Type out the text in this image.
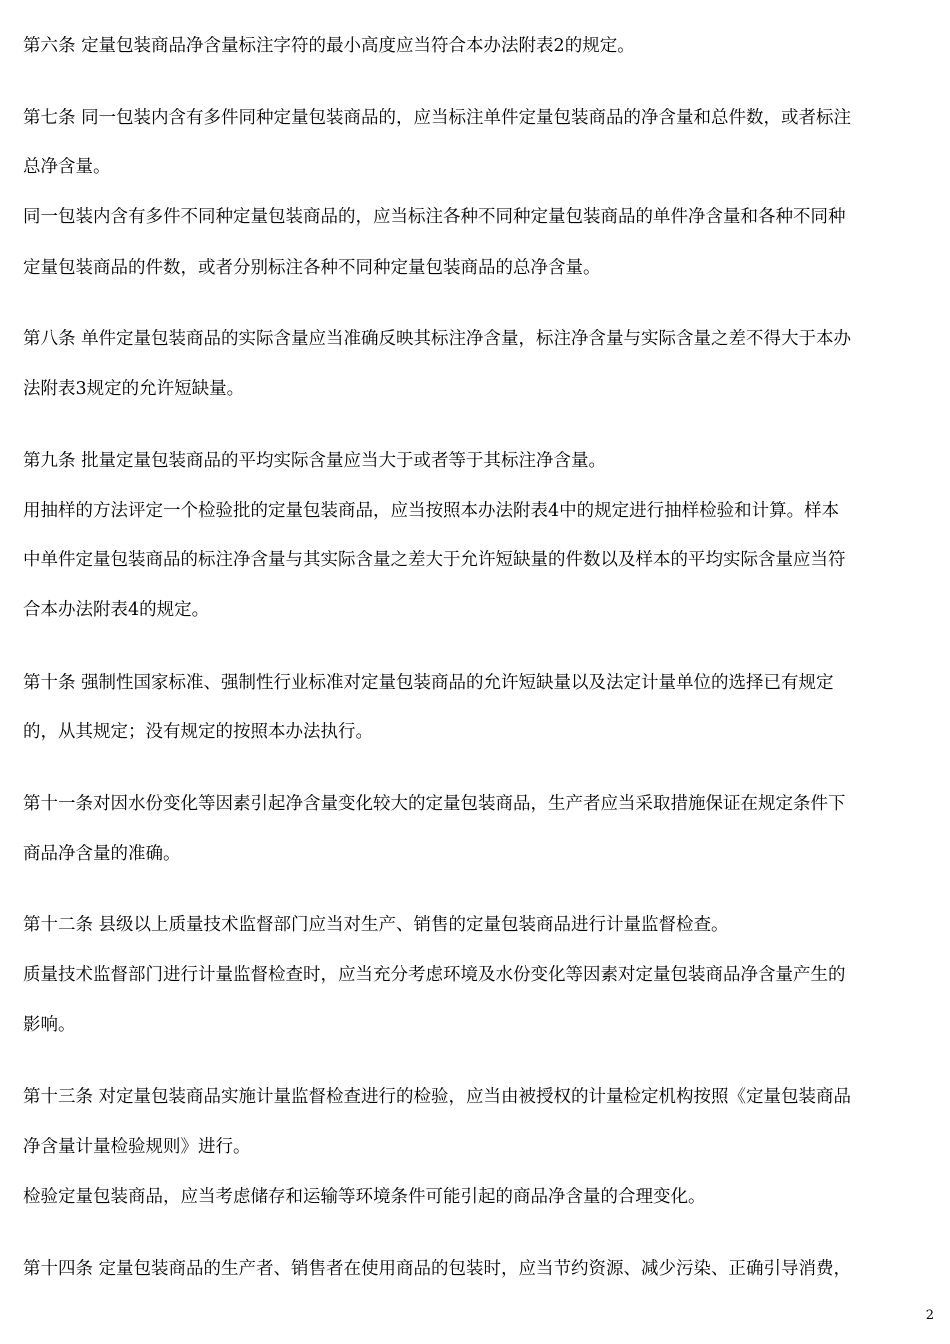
第六条 定量包装商品净含量标注字符的最小高度应当符合本办法附表2的规定。

第七条 同一包装内含有多件同种定量包装商品的，应当标注单件定量包装商品的净含量和总件数，或者标注

总净含量。

同一包装内含有多件不同种定量包装商品的，应当标注各种不同种定量包装商品的单件净含量和各种不同种

定量包装商品的件数，或者分别标注各种不同种定量包装商品的总净含量。

第八条 单件定量包装商品的实际含量应当准确反映其标注净含量，标注净含量与实际含量之差不得大于本办

法附表3规定的允许短缺量。

第九条 批量定量包装商品的平均实际含量应当大于或者等于其标注净含量。

用抽样的方法评定一个检验批的定量包装商品，应当按照本办法附表4中的规定进行抽样检验和计算。样本

中单件定量包装商品的标注净含量与其实际含量之差大于允许短缺量的件数以及样本的平均实际含量应当符

合本办法附表4的规定。

第十条 强制性国家标准、强制性行业标准对定量包装商品的允许短缺量以及法定计量单位的选择已有规定

的，从其规定；没有规定的按照本办法执行。

第十一条对因水份变化等因素引起净含量变化较大的定量包装商品，生产者应当采取措施保证在规定条件下

商品净含量的准确。

第十二条 县级以上质量技术监督部门应当对生产、销售的定量包装商品进行计量监督检查。

质量技术监督部门进行计量监督检查时，应当充分考虑环境及水份变化等因素对定量包装商品净含量产生的

影响。

第十三条 对定量包装商品实施计量监督检查进行的检验，应当由被授权的计量检定机构按照《定量包装商品

净含量计量检验规则》进行。

检验定量包装商品，应当考虑储存和运输等环境条件可能引起的商品净含量的合理变化。

第十四条 定量包装商品的生产者、销售者在使用商品的包装时，应当节约资源、减少污染、正确引导消费，

2
